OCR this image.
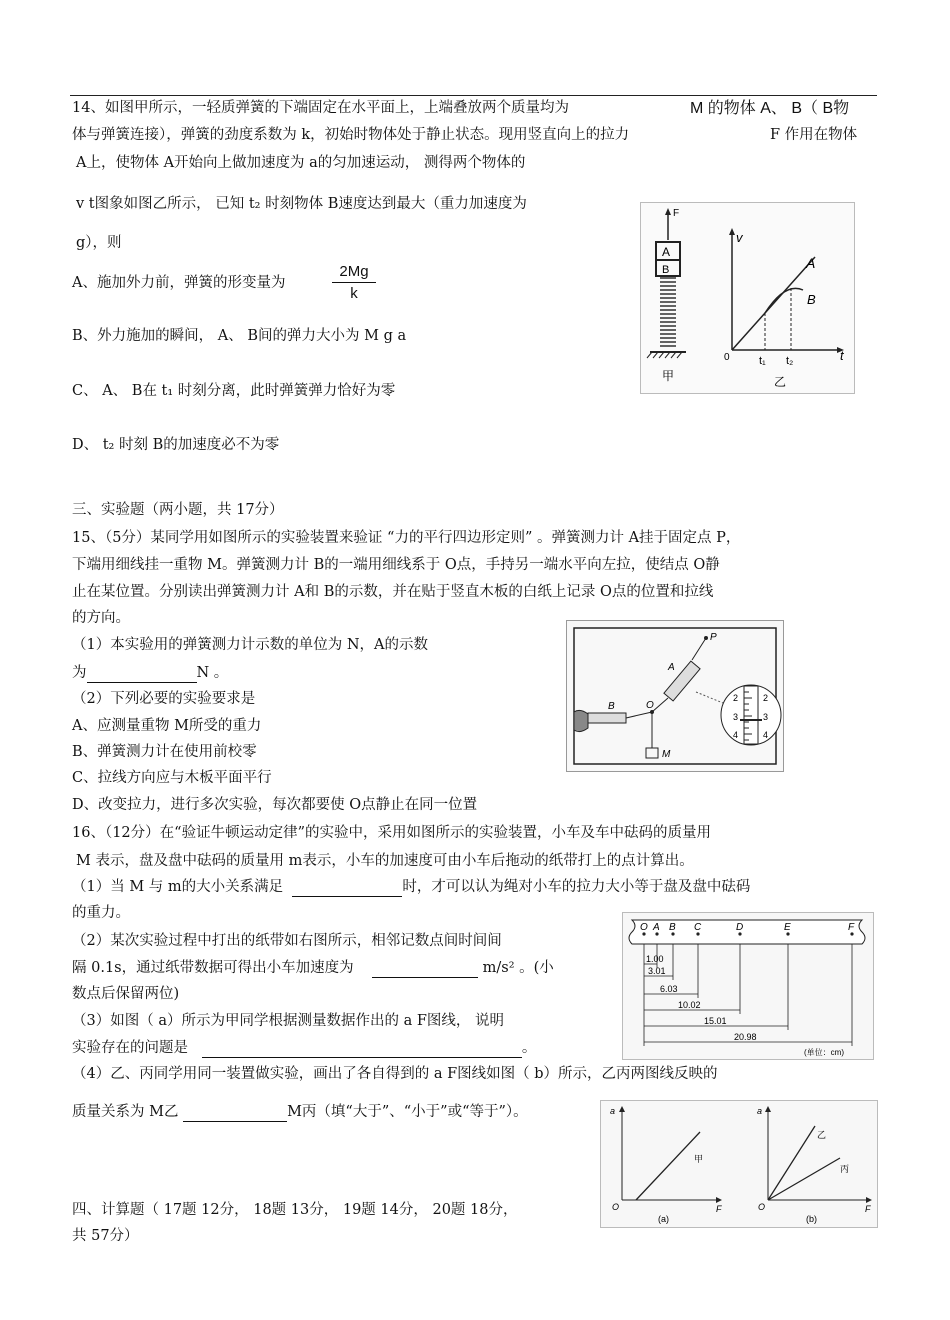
14、如图甲所示，一轻质弹簧的下端固定在水平面上，上端叠放两个质量均为	M 的物体 A、 B（ B物
体与弹簧连接），弹簧的劲度系数为 k，初始时物体处于静止状态。现用竖直向上的拉力	F 作用在物体
A上，使物体 A开始向上做加速度为 a的匀加速运动， 测得两个物体的
v t图象如图乙所示， 已知 t₂ 时刻物体 B速度达到最大（重力加速度为
g），则
A、施加外力前，弹簧的形变量为
2Mg
k
B、外力施加的瞬间， A、 B间的弹力大小为 M g a
C、 A、 B在 t₁ 时刻分离，此时弹簧弹力恰好为零
D、 t₂ 时刻 B的加速度必不为零
F
A
B
甲
v
t
0
A
B
t₁ t₂
乙
三、实验题（两小题，共 17分）
15、（5分）某同学用如图所示的实验装置来验证 “力的平行四边形定则” 。弹簧测力计 A挂于固定点 P，
下端用细线挂一重物 M。弹簧测力计 B的一端用细线系于 O点，手持另一端水平向左拉，使结点 O静
止在某位置。分别读出弹簧测力计 A和 B的示数，并在贴于竖直木板的白纸上记录 O点的位置和拉线
的方向。
（1）本实验用的弹簧测力计示数的单位为 N，A的示数
为	N 。
（2）下列必要的实验要求是
A、应测量重物 M所受的重力
B、弹簧测力计在使用前校零
C、拉线方向应与木板平面平行
D、改变拉力，进行多次实验，每次都要使 O点静止在同一位置
P
A
O
B
M
2
3
4
2
3
4
16、（12分）在“验证牛顿运动定律”的实验中，采用如图所示的实验装置，小车及车中砝码的质量用
M 表示，盘及盘中砝码的质量用 m表示，小车的加速度可由小车后拖动的纸带打上的点计算出。
（1）当 M 与 m的大小关系满足	时，才可以认为绳对小车的拉力大小等于盘及盘中砝码
的重力。
（2）某次实验过程中打出的纸带如右图所示，相邻记数点间时间间
隔 0.1s，通过纸带数据可得出小车加速度为	m/s² 。(小
数点后保留两位)
（3）如图（ a）所示为甲同学根据测量数据作出的 a F图线， 说明
实验存在的问题是	。
（4）乙、丙同学用同一装置做实验，画出了各自得到的 a F图线如图（ b）所示，乙丙两图线反映的
质量关系为 M乙	M丙（填“大于”、“小于”或“等于”）。
O A B C	D	E	F
1.00
3.01
6.03
10.02
15.01
20.98
(单位：cm)
a
F
O
甲
(a)
a
F
O
乙
丙
(b)
四、计算题（ 17题 12分， 18题 13分， 19题 14分， 20题 18分，
共 57分）
